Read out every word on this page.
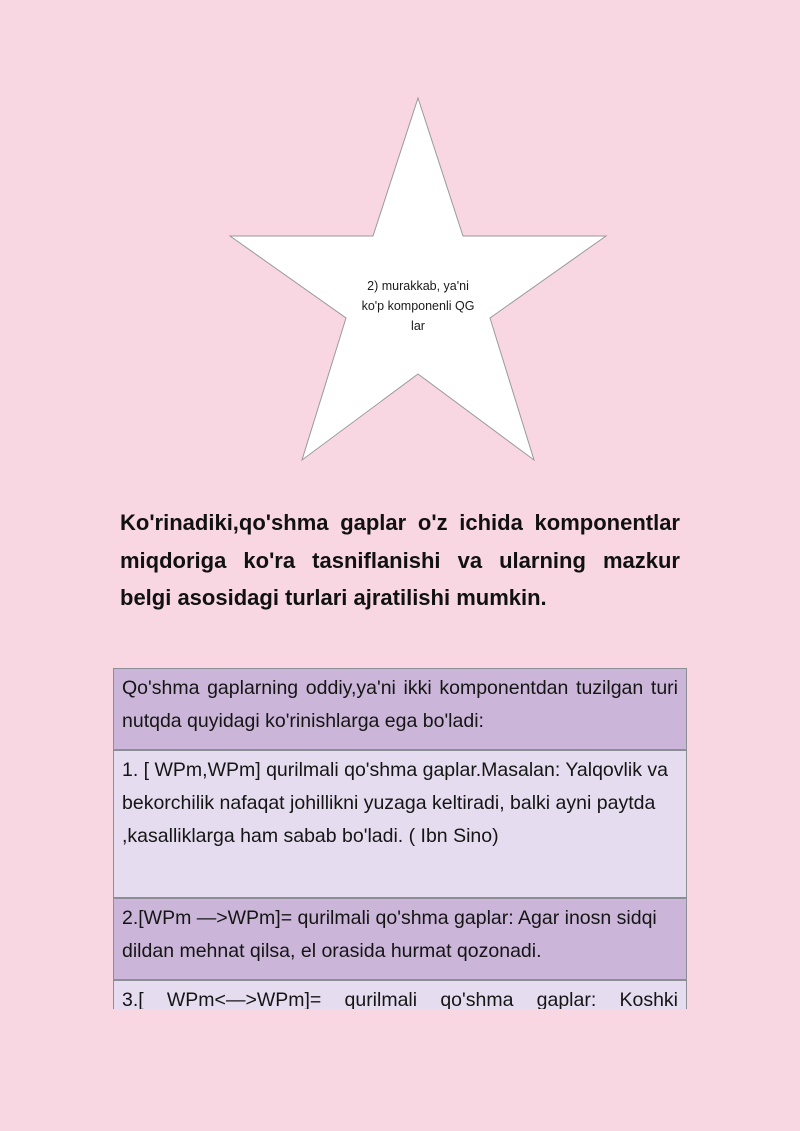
2) murakkab, ya'ni
ko'p komponenli QG
lar

Ko'rinadiki,qo'shma gaplar o'z ichida komponentlar miqdoriga ko'ra tasniflanishi va ularning mazkur belgi asosidagi turlari ajratilishi mumkin.

Qo'shma gaplarning oddiy,ya'ni ikki komponentdan tuzilgan turi nutqda quyidagi ko'rinishlarga ega bo'ladi:
1. [ WPm,WPm] qurilmali qo'shma gaplar.Masalan: Yalqovlik va bekorchilik nafaqat johillikni yuzaga keltiradi, balki ayni paytda ,kasalliklarga ham sabab bo'ladi. ( Ibn Sino)
2.[WPm —>WPm]= qurilmali qo'shma gaplar: Agar inosn sidqi dildan mehnat qilsa, el orasida hurmat qozonadi.
3.[ WPm<—>WPm]= qurilmali qo'shma gaplar: Koshki
